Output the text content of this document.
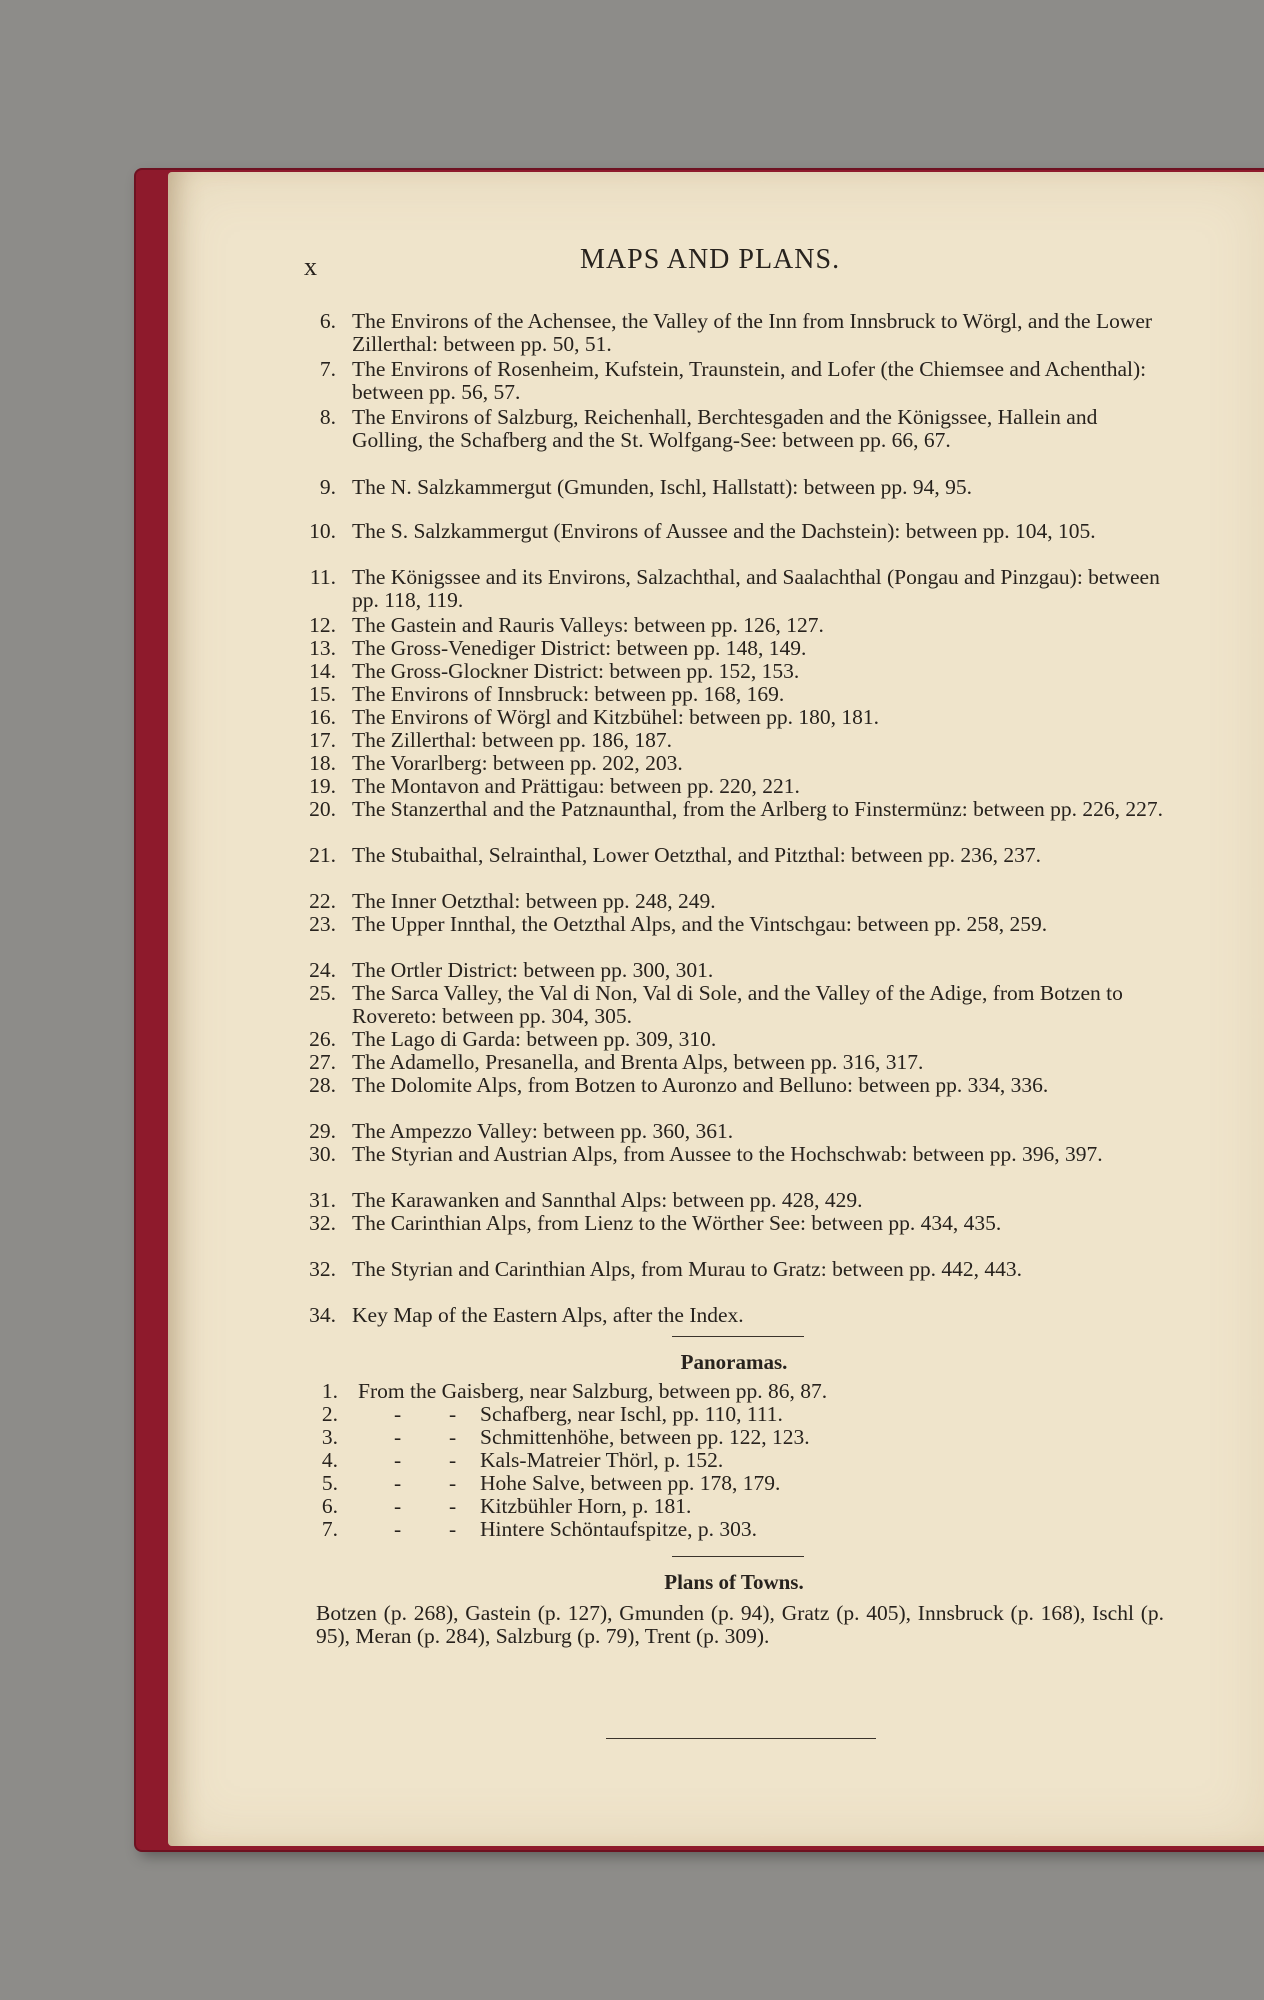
x	MAPS AND PLANS.
6. The Environs of the Achensee, the Valley of the Inn from Innsbruck to Wörgl, and the Lower Zillerthal: between pp. 50, 51.
7. The Environs of Rosenheim, Kufstein, Traunstein, and Lofer (the Chiemsee and Achenthal): between pp. 56, 57.
8. The Environs of Salzburg, Reichenhall, Berchtesgaden and the Königssee, Hallein and Golling, the Schafberg and the St. Wolfgang-See: between pp. 66, 67.
9. The N. Salzkammergut (Gmunden, Ischl, Hallstatt): between pp. 94, 95.
10. The S. Salzkammergut (Environs of Aussee and the Dachstein): between pp. 104, 105.
11. The Königssee and its Environs, Salzachthal, and Saalachthal (Pongau and Pinzgau): between pp. 118, 119.
12. The Gastein and Rauris Valleys: between pp. 126, 127.
13. The Gross-Venediger District: between pp. 148, 149.
14. The Gross-Glockner District: between pp. 152, 153.
15. The Environs of Innsbruck: between pp. 168, 169.
16. The Environs of Wörgl and Kitzbühel: between pp. 180, 181.
17. The Zillerthal: between pp. 186, 187.
18. The Vorarlberg: between pp. 202, 203.
19. The Montavon and Prättigau: between pp. 220, 221.
20. The Stanzerthal and the Patznaunthal, from the Arlberg to Finstermünz: between pp. 226, 227.
21. The Stubaithal, Selrainthal, Lower Oetzthal, and Pitzthal: between pp. 236, 237.
22. The Inner Oetzthal: between pp. 248, 249.
23. The Upper Innthal, the Oetzthal Alps, and the Vintschgau: between pp. 258, 259.
24. The Ortler District: between pp. 300, 301.
25. The Sarca Valley, the Val di Non, Val di Sole, and the Valley of the Adige, from Botzen to Rovereto: between pp. 304, 305.
26. The Lago di Garda: between pp. 309, 310.
27. The Adamello, Presanella, and Brenta Alps, between pp. 316, 317.
28. The Dolomite Alps, from Botzen to Auronzo and Belluno: between pp. 334, 336.
29. The Ampezzo Valley: between pp. 360, 361.
30. The Styrian and Austrian Alps, from Aussee to the Hochschwab: between pp. 396, 397.
31. The Karawanken and Sannthal Alps: between pp. 428, 429.
32. The Carinthian Alps, from Lienz to the Wörther See: between pp. 434, 435.
32. The Styrian and Carinthian Alps, from Murau to Gratz: between pp. 442, 443.
34. Key Map of the Eastern Alps, after the Index.
Panoramas.
1. From the Gaisberg, near Salzburg, between pp. 86, 87.
2.	- - Schafberg, near Ischl, pp. 110, 111.
3.	- - Schmittenhöhe, between pp. 122, 123.
4.	- - Kals-Matreier Thörl, p. 152.
5.	- - Hohe Salve, between pp. 178, 179.
6.	- - Kitzbühler Horn, p. 181.
7.	- - Hintere Schöntaufspitze, p. 303.
Plans of Towns.
Botzen (p. 268), Gastein (p. 127), Gmunden (p. 94), Gratz (p. 405), Innsbruck (p. 168), Ischl (p. 95), Meran (p. 284), Salzburg (p. 79), Trent (p. 309).
